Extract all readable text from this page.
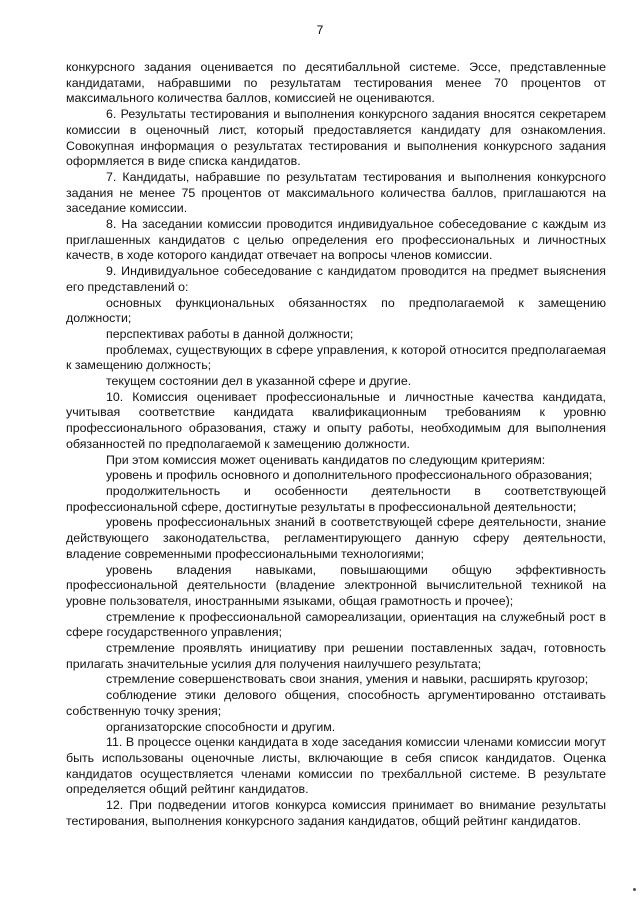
7

конкурсного задания оценивается по десятибалльной системе. Эссе, представленные кандидатами, набравшими по результатам тестирования менее 70 процентов от максимального количества баллов, комиссией не оцениваются.

6. Результаты тестирования и выполнения конкурсного задания вносятся секретарем комиссии в оценочный лист, который предоставляется кандидату для ознакомления. Совокупная информация о результатах тестирования и выполнения конкурсного задания оформляется в виде списка кандидатов.

7. Кандидаты, набравшие по результатам тестирования и выполнения конкурсного задания не менее 75 процентов от максимального количества баллов, приглашаются на заседание комиссии.

8. На заседании комиссии проводится индивидуальное собеседование с каждым из приглашенных кандидатов с целью определения его профессиональных и личностных качеств, в ходе которого кандидат отвечает на вопросы членов комиссии.

9. Индивидуальное собеседование с кандидатом проводится на предмет выяснения его представлений о:

основных функциональных обязанностях по предполагаемой к замещению должности;

перспективах работы в данной должности;

проблемах, существующих в сфере управления, к которой относится предполагаемая к замещению должность;

текущем состоянии дел в указанной сфере и другие.

10. Комиссия оценивает профессиональные и личностные качества кандидата, учитывая соответствие кандидата квалификационным требованиям к уровню профессионального образования, стажу и опыту работы, необходимым для выполнения обязанностей по предполагаемой к замещению должности.

При этом комиссия может оценивать кандидатов по следующим критериям:

уровень и профиль основного и дополнительного профессионального образования;

продолжительность и особенности деятельности в соответствующей профессиональной сфере, достигнутые результаты в профессиональной деятельности;

уровень профессиональных знаний в соответствующей сфере деятельности, знание действующего законодательства, регламентирующего данную сферу деятельности, владение современными профессиональными технологиями;

уровень владения навыками, повышающими общую эффективность профессиональной деятельности (владение электронной вычислительной техникой на уровне пользователя, иностранными языками, общая грамотность и прочее);

стремление к профессиональной самореализации, ориентация на служебный рост в сфере государственного управления;

стремление проявлять инициативу при решении поставленных задач, готовность прилагать значительные усилия для получения наилучшего результата;

стремление совершенствовать свои знания, умения и навыки, расширять кругозор;

соблюдение этики делового общения, способность аргументированно отстаивать собственную точку зрения;

организаторские способности и другим.

11. В процессе оценки кандидата в ходе заседания комиссии членами комиссии могут быть использованы оценочные листы, включающие в себя список кандидатов. Оценка кандидатов осуществляется членами комиссии по трехбалльной системе. В результате определяется общий рейтинг кандидатов.

12. При подведении итогов конкурса комиссия принимает во внимание результаты тестирования, выполнения конкурсного задания кандидатов, общий рейтинг кандидатов.
